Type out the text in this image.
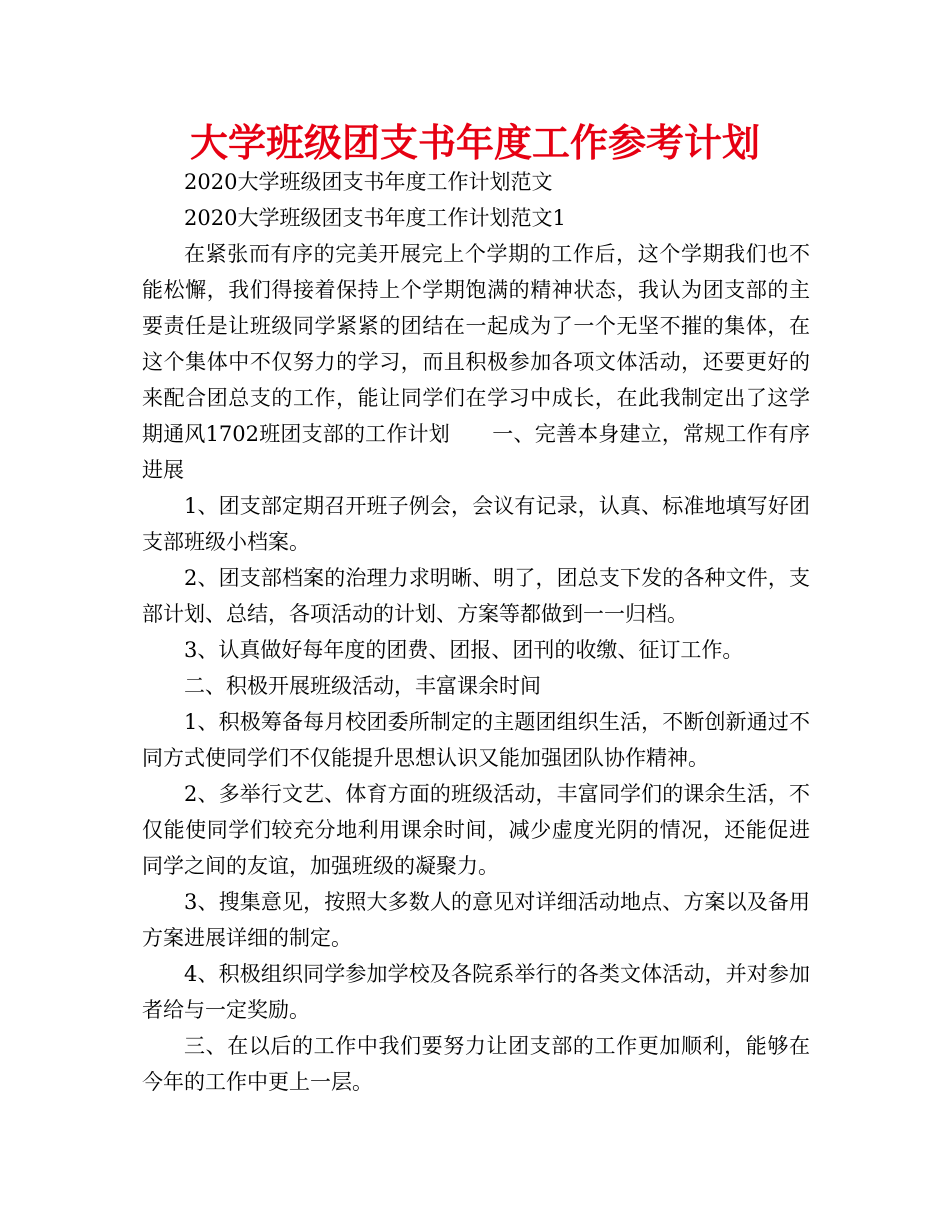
大学班级团支书年度工作参考计划

2020大学班级团支书年度工作计划范文

2020大学班级团支书年度工作计划范文1

在紧张而有序的完美开展完上个学期的工作后，这个学期我们也不能松懈，我们得接着保持上个学期饱满的精神状态，我认为团支部的主要责任是让班级同学紧紧的团结在一起成为了一个无坚不摧的集体，在这个集体中不仅努力的学习，而且积极参加各项文体活动，还要更好的来配合团总支的工作，能让同学们在学习中成长，在此我制定出了这学期通风1702班团支部的工作计划　　一、完善本身建立，常规工作有序进展

1、团支部定期召开班子例会，会议有记录，认真、标准地填写好团支部班级小档案。

2、团支部档案的治理力求明晰、明了，团总支下发的各种文件，支部计划、总结，各项活动的计划、方案等都做到一一归档。

3、认真做好每年度的团费、团报、团刊的收缴、征订工作。

二、积极开展班级活动，丰富课余时间

1、积极筹备每月校团委所制定的主题团组织生活，不断创新通过不同方式使同学们不仅能提升思想认识又能加强团队协作精神。

2、多举行文艺、体育方面的班级活动，丰富同学们的课余生活，不仅能使同学们较充分地利用课余时间，减少虚度光阴的情况，还能促进同学之间的友谊，加强班级的凝聚力。

3、搜集意见，按照大多数人的意见对详细活动地点、方案以及备用方案进展详细的制定。

4、积极组织同学参加学校及各院系举行的各类文体活动，并对参加者给与一定奖励。

三、在以后的工作中我们要努力让团支部的工作更加顺利，能够在今年的工作中更上一层。
